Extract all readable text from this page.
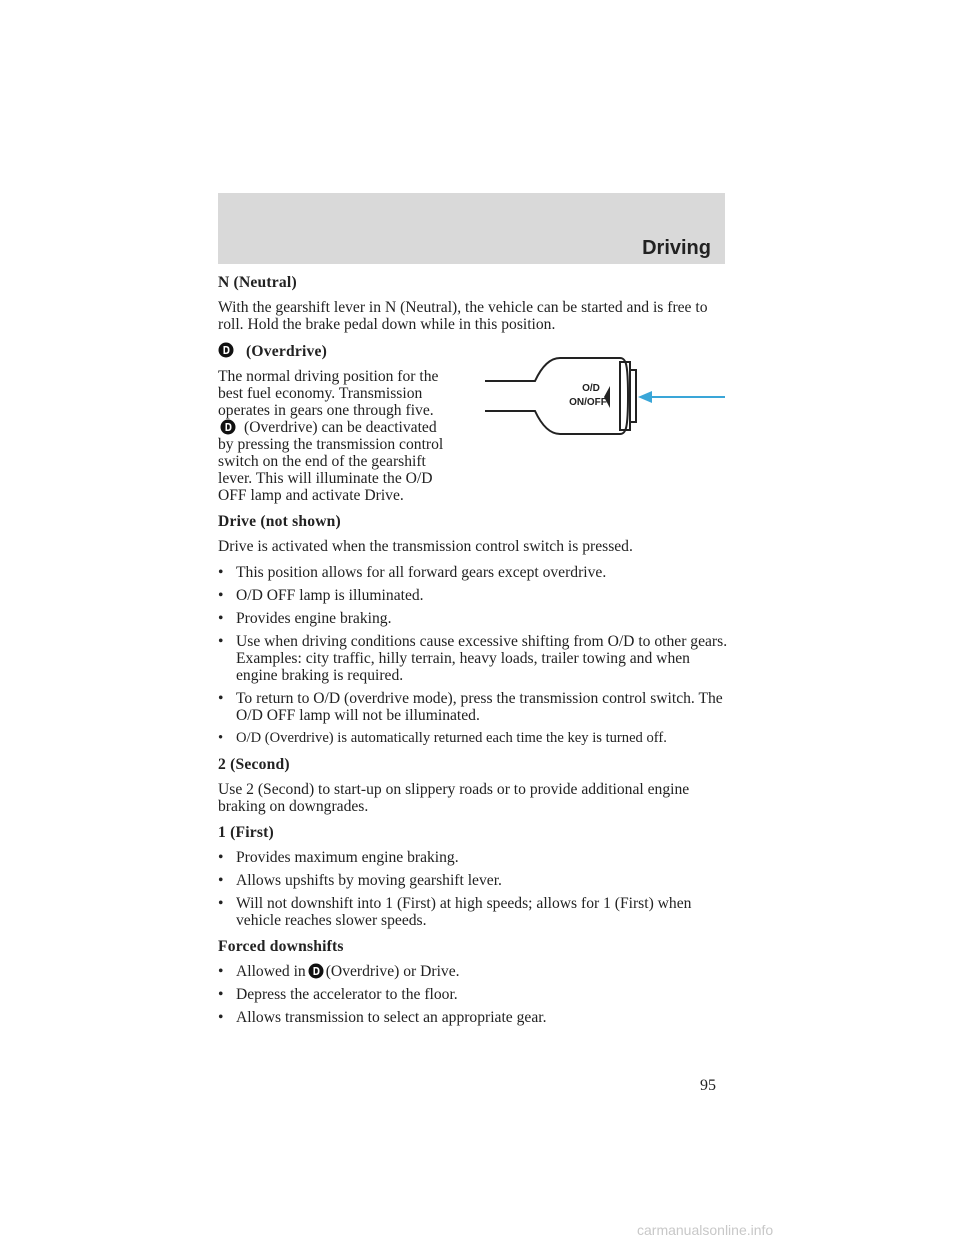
Driving
O/D
ON/OFF
N (Neutral)
With the gearshift lever in N (Neutral), the vehicle can be started and is free to roll. Hold the brake pedal down while in this position.
(Overdrive)
The normal driving position for the best fuel economy. Transmission operates in gears one through five.(Overdrive) can be deactivated by pressing the transmission control switch on the end of the gearshift lever. This will illuminate the O/D OFF lamp and activate Drive.
Drive (not shown)
Drive is activated when the transmission control switch is pressed.
• This position allows for all forward gears except overdrive.
• O/D OFF lamp is illuminated.
• Provides engine braking.
• Use when driving conditions cause excessive shifting from O/D to other gears. Examples: city traffic, hilly terrain, heavy loads, trailer towing and when engine braking is required.
• To return to O/D (overdrive mode), press the transmission control switch. The O/D OFF lamp will not be illuminated.
• O/D (Overdrive) is automatically returned each time the key is turned off.
2 (Second)
Use 2 (Second) to start-up on slippery roads or to provide additional engine braking on downgrades.
1 (First)
• Provides maximum engine braking.
• Allows upshifts by moving gearshift lever.
• Will not downshift into 1 (First) at high speeds; allows for 1 (First) when vehicle reaches slower speeds.
Forced downshifts
• Allowed in (Overdrive) or Drive.
• Depress the accelerator to the floor.
• Allows transmission to select an appropriate gear.
95
carmanualsonline.info
